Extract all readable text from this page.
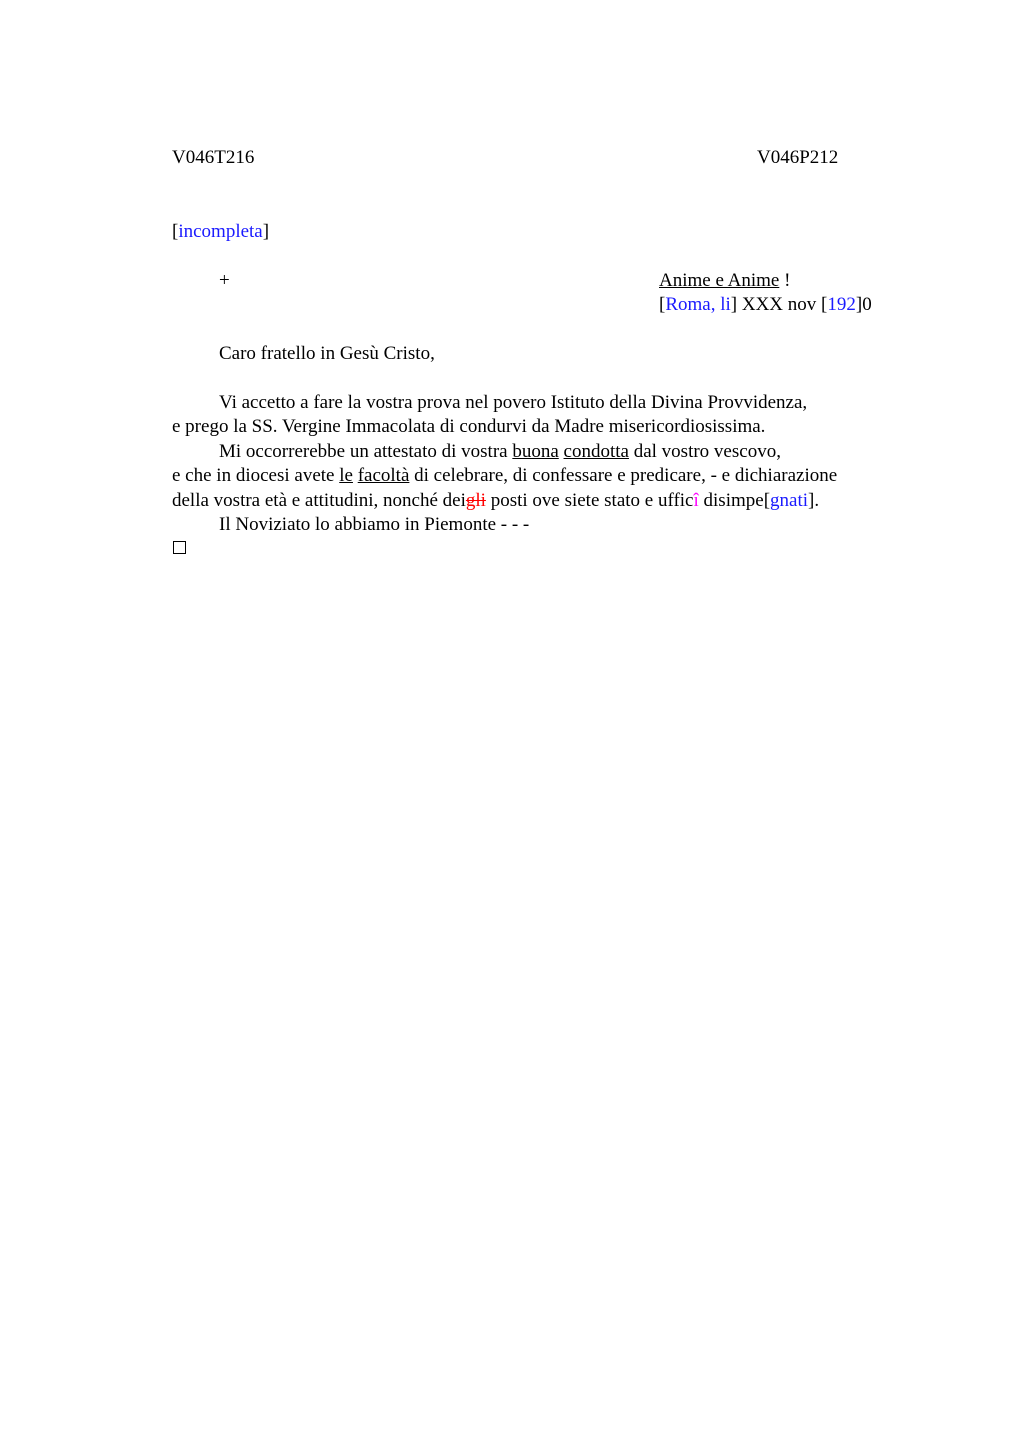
V046T216	V046P212
[incompleta]
+	Anime e Anime !
[Roma, li] XXX nov [192]0
Caro fratello in Gesù Cristo,
Vi accetto a fare la vostra prova nel povero Istituto della Divina Provvidenza,
e prego la SS. Vergine Immacolata di condurvi da Madre misericordiosissima.
Mi occorrerebbe un attestato di vostra buona condotta dal vostro vescovo,
e che in diocesi avete le facoltà di celebrare, di confessare e predicare, - e dichiarazione
della vostra età e attitudini, nonché deigli posti ove siete stato e ufficî disimpe[gnati].
Il Noviziato lo abbiamo in Piemonte - - -
